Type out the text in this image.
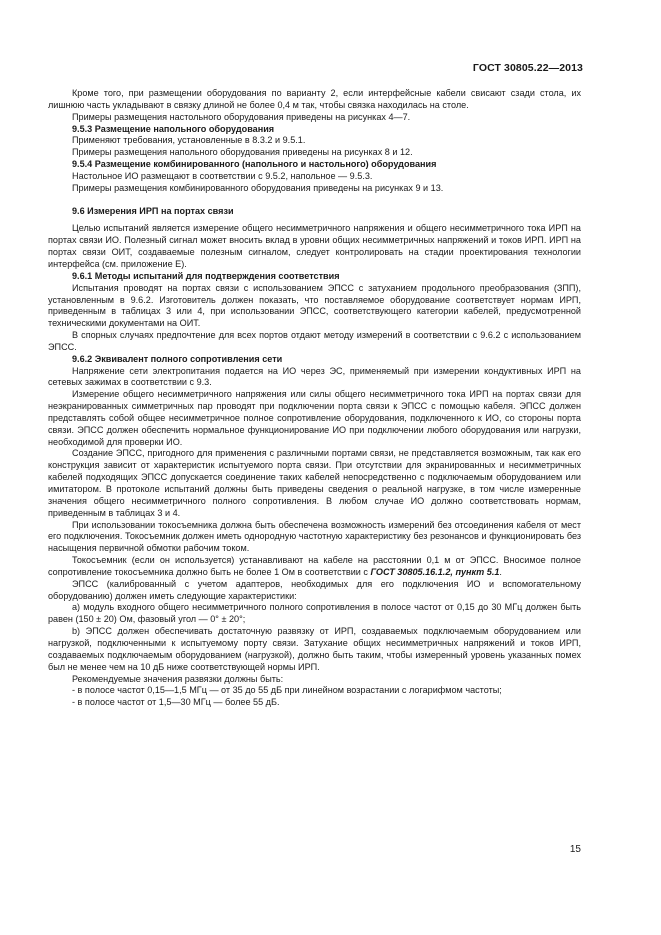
ГОСТ 30805.22—2013

Кроме того, при размещении оборудования по варианту 2, если интерфейсные кабели свисают сзади стола, их лишнюю часть укладывают в связку длиной не более 0,4 м так, чтобы связка находилась на столе.

Примеры размещения настольного оборудования приведены на рисунках 4—7.

9.5.3 Размещение напольного оборудования

Применяют требования, установленные в 8.3.2 и 9.5.1.

Примеры размещения напольного оборудования приведены на рисунках 8 и 12.

9.5.4 Размещение комбинированного (напольного и настольного) оборудования

Настольное ИО размещают в соответствии с 9.5.2, напольное — 9.5.3.

Примеры размещения комбинированного оборудования приведены на рисунках 9 и 13.

9.6 Измерения ИРП на портах связи

Целью испытаний является измерение общего несимметричного напряжения и общего несимметричного тока ИРП на портах связи ИО. Полезный сигнал может вносить вклад в уровни общих несимметричных напряжений и токов ИРП. ИРП на портах связи ОИТ, создаваемые полезным сигналом, следует контролировать на стадии проектирования технологии интерфейса (см. приложение Е).

9.6.1 Методы испытаний для подтверждения соответствия

Испытания проводят на портах связи с использованием ЭПСС с затуханием продольного преобразования (ЗПП), установленным в 9.6.2. Изготовитель должен показать, что поставляемое оборудование соответствует нормам ИРП, приведенным в таблицах 3 или 4, при использовании ЭПСС, соответствующего категории кабелей, предусмотренной техническими документами на ОИТ.

В спорных случаях предпочтение для всех портов отдают методу измерений в соответствии с 9.6.2 с использованием ЭПСС.

9.6.2 Эквивалент полного сопротивления сети

Напряжение сети электропитания подается на ИО через ЭС, применяемый при измерении кондуктивных ИРП на сетевых зажимах в соответствии с 9.3.

Измерение общего несимметричного напряжения или силы общего несимметричного тока ИРП на портах связи для неэкранированных симметричных пар проводят при подключении порта связи к ЭПСС с помощью кабеля. ЭПСС должен представлять собой общее несимметричное полное сопротивление оборудования, подключенного к ИО, со стороны порта связи. ЭПСС должен обеспечить нормальное функционирование ИО при подключении любого оборудования или нагрузки, необходимой для проверки ИО.

Создание ЭПСС, пригодного для применения с различными портами связи, не представляется возможным, так как его конструкция зависит от характеристик испытуемого порта связи. При отсутствии для экранированных и несимметричных кабелей подходящих ЭПСС допускается соединение таких кабелей непосредственно с подключаемым оборудованием или имитатором. В протоколе испытаний должны быть приведены сведения о реальной нагрузке, в том числе измеренные значения общего несимметричного полного сопротивления. В любом случае ИО должно соответствовать нормам, приведенным в таблицах 3 и 4.

При использовании токосъемника должна быть обеспечена возможность измерений без отсоединения кабеля от мест его подключения. Токосъемник должен иметь однородную частотную характеристику без резонансов и функционировать без насыщения первичной обмотки рабочим током.

Токосъемник (если он используется) устанавливают на кабеле на расстоянии 0,1 м от ЭПСС. Вносимое полное сопротивление токосъемника должно быть не более 1 Ом в соответствии с ГОСТ 30805.16.1.2, пункт 5.1.

ЭПСС (калиброванный с учетом адаптеров, необходимых для его подключения ИО и вспомогательному оборудованию) должен иметь следующие характеристики:

a) модуль входного общего несимметричного полного сопротивления в полосе частот от 0,15 до 30 МГц должен быть равен (150 ± 20) Ом, фазовый угол — 0° ± 20°;

b) ЭПСС должен обеспечивать достаточную развязку от ИРП, создаваемых подключаемым оборудованием или нагрузкой, подключенными к испытуемому порту связи. Затухание общих несимметричных напряжений и токов ИРП, создаваемых подключаемым оборудованием (нагрузкой), должно быть таким, чтобы измеренный уровень указанных помех был не менее чем на 10 дБ ниже соответствующей нормы ИРП.

Рекомендуемые значения развязки должны быть:

- в полосе частот 0,15—1,5 МГц — от 35 до 55 дБ при линейном возрастании с логарифмом частоты;

- в полосе частот от 1,5—30 МГц — более 55 дБ.

15
